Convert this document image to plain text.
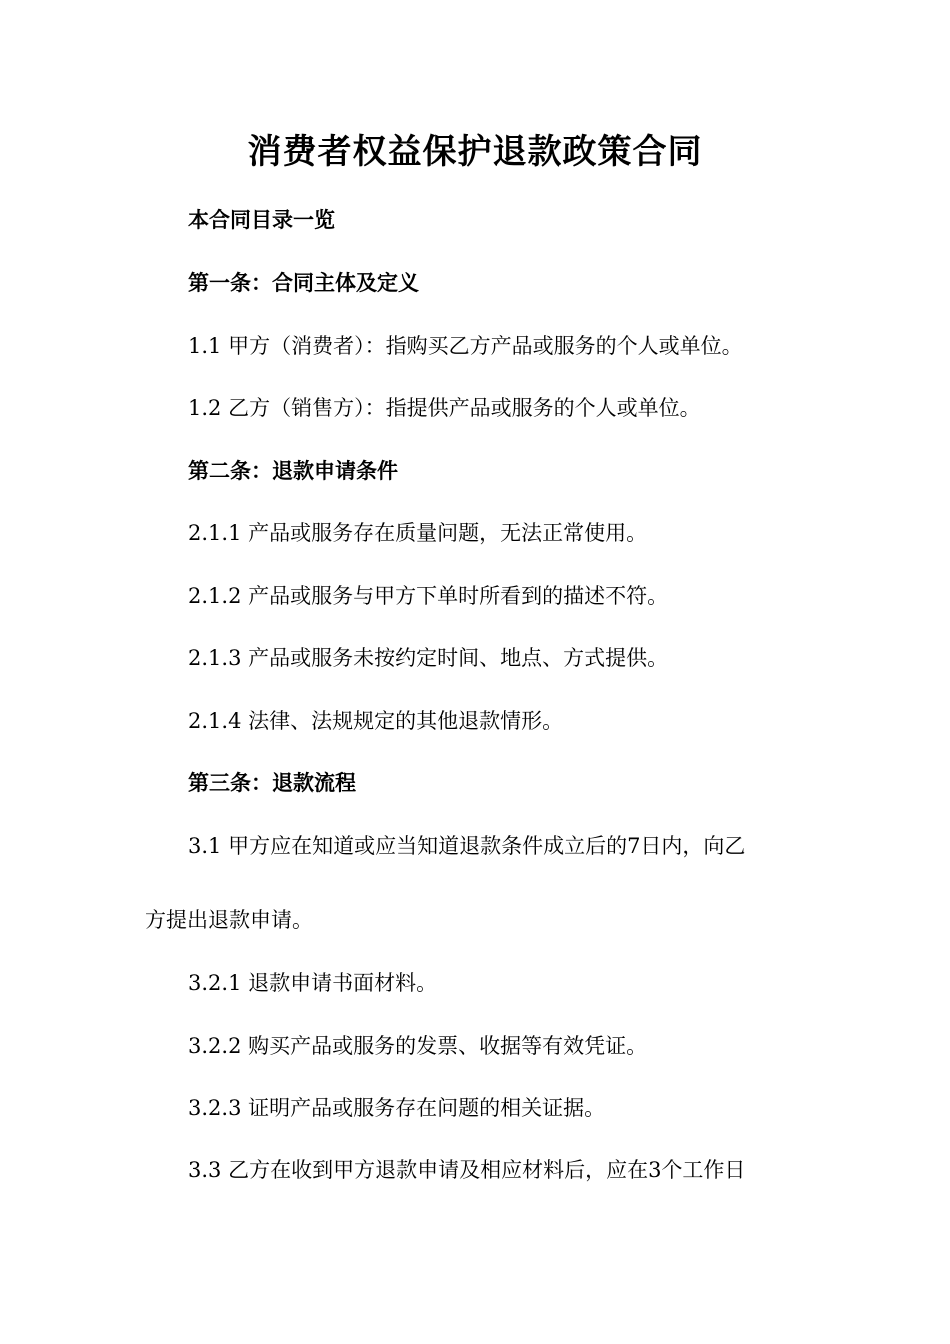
消费者权益保护退款政策合同

本合同目录一览

第一条：合同主体及定义

1.1 甲方（消费者）：指购买乙方产品或服务的个人或单位。

1.2 乙方（销售方）：指提供产品或服务的个人或单位。

第二条：退款申请条件

2.1.1 产品或服务存在质量问题，无法正常使用。

2.1.2 产品或服务与甲方下单时所看到的描述不符。

2.1.3 产品或服务未按约定时间、地点、方式提供。

2.1.4 法律、法规规定的其他退款情形。

第三条：退款流程

3.1 甲方应在知道或应当知道退款条件成立后的7日内，向乙

方提出退款申请。

3.2.1 退款申请书面材料。

3.2.2 购买产品或服务的发票、收据等有效凭证。

3.2.3 证明产品或服务存在问题的相关证据。

3.3 乙方在收到甲方退款申请及相应材料后，应在3个工作日
